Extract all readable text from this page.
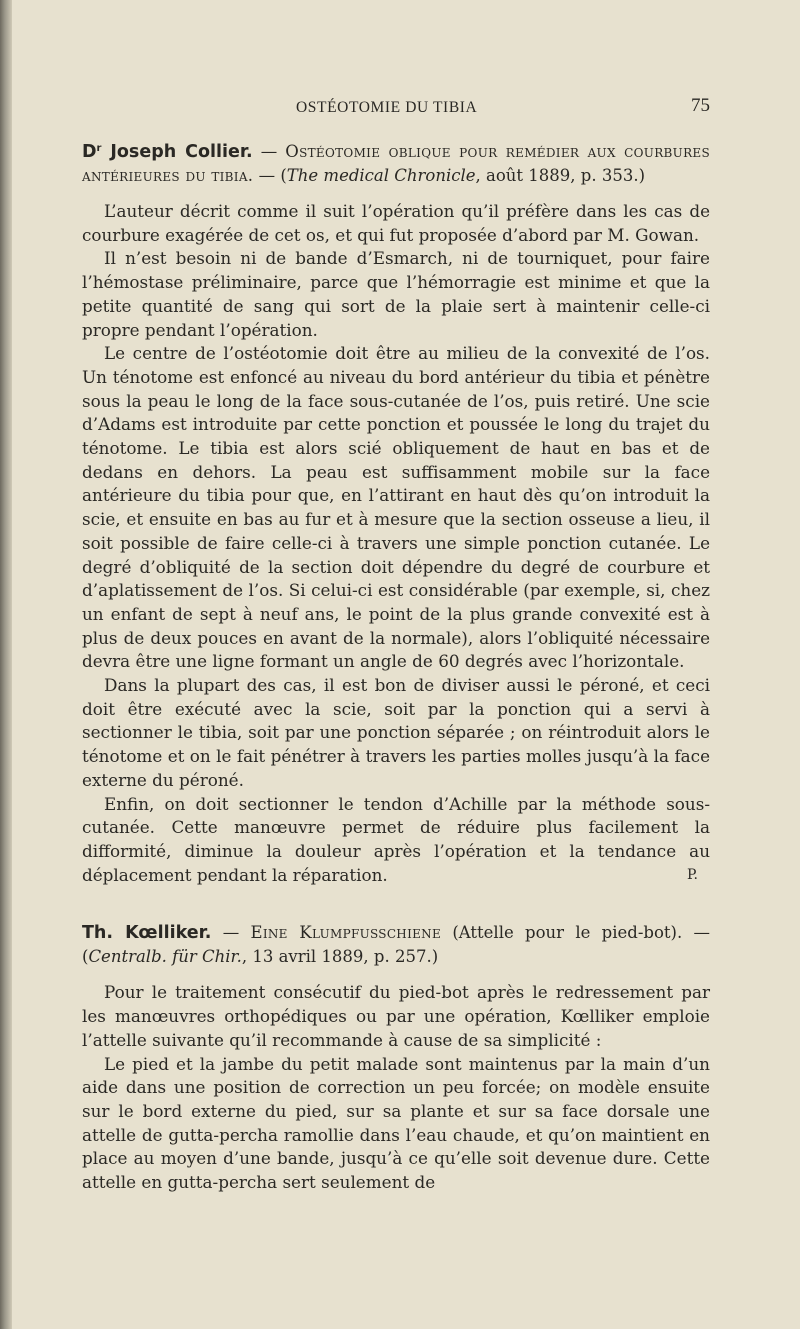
OSTÉOTOMIE DU TIBIA	75
$D^r$ Joseph Collier. — Ostéotomie oblique pour remédier aux courbures antérieures du tibia. — (The medical Chronicle, août 1889, p. 353.)

L’auteur décrit comme il suit l’opération qu’il préfère dans les cas de courbure exagérée de cet os, et qui fut proposée d’abord par M. Gowan.

Il n’est besoin ni de bande d’Esmarch, ni de tourniquet, pour faire l’hémostase préliminaire, parce que l’hémorragie est minime et que la petite quantité de sang qui sort de la plaie sert à maintenir celle-ci propre pendant l’opération.

Le centre de l’ostéotomie doit être au milieu de la convexité de l’os. Un ténotome est enfoncé au niveau du bord antérieur du tibia et pénètre sous la peau le long de la face sous-cutanée de l’os, puis retiré. Une scie d’Adams est introduite par cette ponction et poussée le long du trajet du ténotome. Le tibia est alors scié obliquement de haut en bas et de dedans en dehors. La peau est suffisamment mobile sur la face antérieure du tibia pour que, en l’attirant en haut dès qu’on introduit la scie, et ensuite en bas au fur et à mesure que la section osseuse a lieu, il soit possible de faire celle-ci à travers une simple ponction cutanée. Le degré d’obliquité de la section doit dépendre du degré de courbure et d’aplatissement de l’os. Si celui-ci est considérable (par exemple, si, chez un enfant de sept à neuf ans, le point de la plus grande convexité est à plus de deux pouces en avant de la normale), alors l’obliquité nécessaire devra être une ligne formant un angle de 60 degrés avec l’horizontale.

Dans la plupart des cas, il est bon de diviser aussi le péroné, et ceci doit être exécuté avec la scie, soit par la ponction qui a servi à sectionner le tibia, soit par une ponction séparée ; on réintroduit alors le ténotome et on le fait pénétrer à travers les parties molles jusqu’à la face externe du péroné.

Enfin, on doit sectionner le tendon d’Achille par la méthode sous-cutanée. Cette manœuvre permet de réduire plus facilement la difformité, diminue la douleur après l’opération et la tendance au déplacement pendant la réparation.	P.

Th. Kœlliker. — Eine Klumpfusschiene (Attelle pour le pied-bot). — (Centralb. für Chir., 13 avril 1889, p. 257.)

Pour le traitement consécutif du pied-bot après le redressement par les manœuvres orthopédiques ou par une opération, Kœlliker emploie l’attelle suivante qu’il recommande à cause de sa simplicité :

Le pied et la jambe du petit malade sont maintenus par la main d’un aide dans une position de correction un peu forcée; on modèle ensuite sur le bord externe du pied, sur sa plante et sur sa face dorsale une attelle de gutta-percha ramollie dans l’eau chaude, et qu’on maintient en place au moyen d’une bande, jusqu’à ce qu’elle soit devenue dure. Cette attelle en gutta-percha sert seulement de
